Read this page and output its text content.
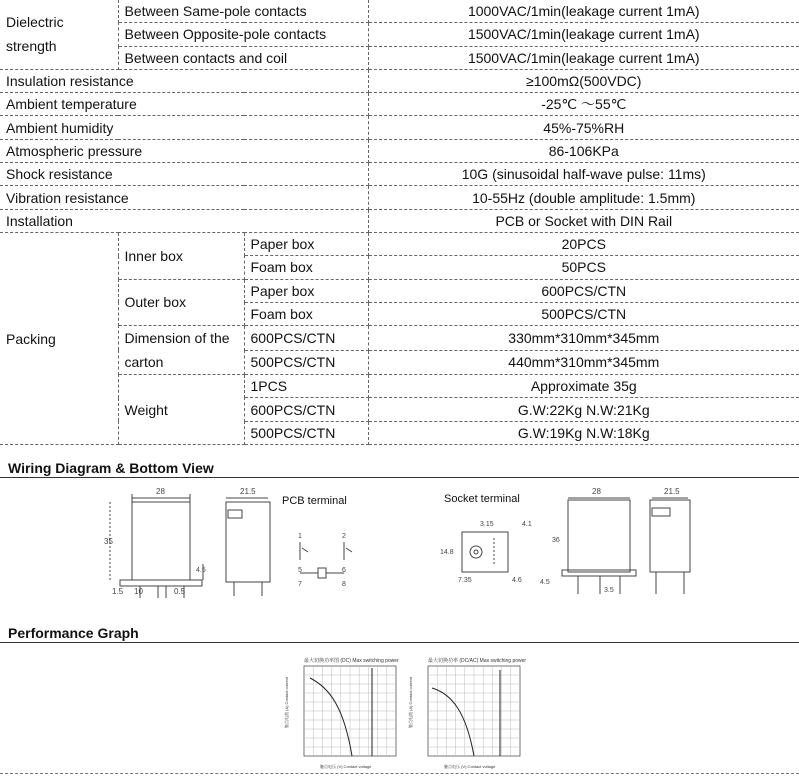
Dielectric strength	Between Same-pole contacts		1000VAC/1min(leakage current 1mA)
	Between Opposite-pole contacts		1500VAC/1min(leakage current 1mA)
	Between contacts and coil		1500VAC/1min(leakage current 1mA)
Insulation resistance			≥100mΩ(500VDC)
Ambient temperature			-25℃ ～55℃
Ambient humidity			45%-75%RH
Atmospheric pressure			86-106KPa
Shock resistance			10G (sinusoidal half-wave pulse: 11ms)
Vibration resistance			10-55Hz (double amplitude: 1.5mm)
Installation			PCB or Socket with DIN Rail
Packing	Inner box	Paper box	20PCS
		Foam box	50PCS
	Outer box	Paper box	600PCS/CTN
		Foam box	500PCS/CTN
	Dimension of the carton	600PCS/CTN	330mm*310mm*345mm
		500PCS/CTN	440mm*310mm*345mm
	Weight	1PCS	Approximate 35g
		600PCS/CTN	G.W:22Kg N.W:21Kg
		500PCS/CTN	G.W:19Kg N.W:18Kg
Wiring Diagram & Bottom View
28
35
4.5
10	0.5
1.5
21.5
PCB terminal
1	2
5	6
7	8
Socket terminal
3.15	4.1
14.8
7.35	4.6
28
36
3.5
4.5
21.5
Performance Graph
最大切换功率图 (DC) Max switching power
触点电流 (A) Contact current
触点电压 (V) Contact voltage
最大切换功率 (DC/AC) Max switching power
触点电流 (A) Contact current
触点电压 (V) Contact voltage
